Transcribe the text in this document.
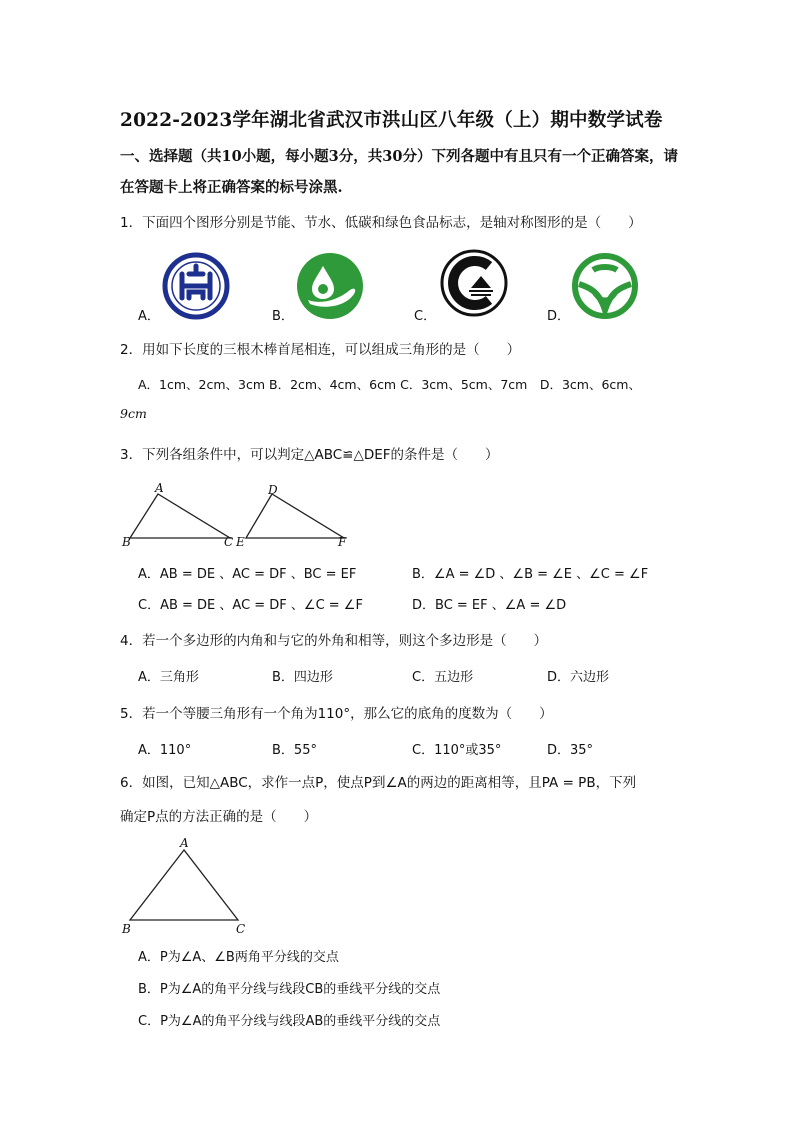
2022-2023学年湖北省武汉市洪山区八年级（上）期中数学试卷
一、选择题（共10小题，每小题3分，共30分）下列各题中有且只有一个正确答案，请
在答题卡上将正确答案的标号涂黑.
1．下面四个图形分别是节能、节水、低碳和绿色食品标志，是轴对称图形的是（　　）
A．	B．	C．	D．
2．用如下长度的三根木棒首尾相连，可以组成三角形的是（　　）
A．1cm、2cm、3cm B．2cm、4cm、6cm C．3cm、5cm、7cm　D．3cm、6cm、
9cm
3．下列各组条件中，可以判定△ABC≌△DEF的条件是（　　）
A
B	C
D
E	F
A．AB = DE 、AC = DF 、BC = EF	B．∠A = ∠D 、∠B = ∠E 、∠C = ∠F
C．AB = DE 、AC = DF 、∠C = ∠F	D．BC = EF 、∠A = ∠D
4．若一个多边形的内角和与它的外角和相等，则这个多边形是（　　）
A．三角形	B．四边形	C．五边形	D．六边形
5．若一个等腰三角形有一个角为110°，那么它的底角的度数为（　　）
A．110°	B．55°	C．110°或35°	D．35°
6．如图，已知△ABC，求作一点P，使点P到∠A的两边的距离相等，且PA = PB，下列
确定P点的方法正确的是（　　）
A
B	C
A．P为∠A、∠B两角平分线的交点
B．P为∠A的角平分线与线段CB的垂线平分线的交点
C．P为∠A的角平分线与线段AB的垂线平分线的交点
